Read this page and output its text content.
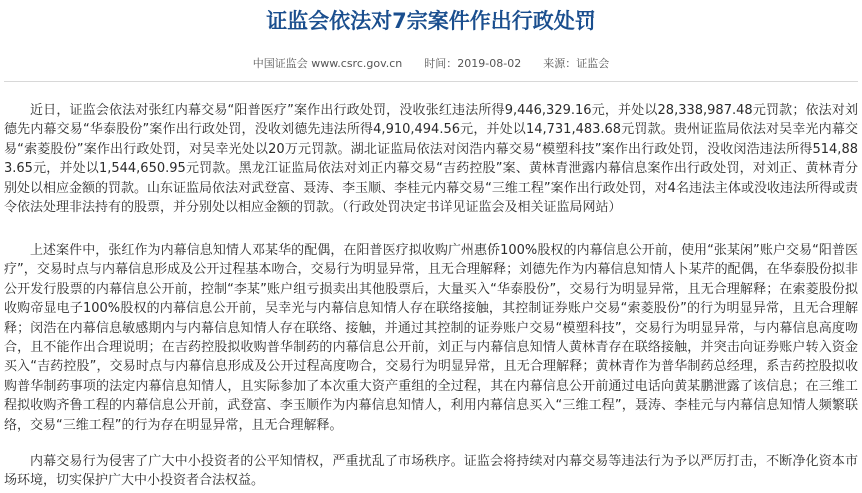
证监会依法对7宗案件作出行政处罚
中国证监会 www.csrc.gov.cn 时间：2019-08-02 来源：证监会

近日，证监会依法对张红内幕交易“阳普医疗”案作出行政处罚，没收张红违法所得9,446,329.16元，并处以28,338,987.48元罚款；依法对刘德先内幕交易“华泰股份”案作出行政处罚，没收刘德先违法所得4,910,494.56元，并处以14,731,483.68元罚款。贵州证监局依法对吴幸光内幕交易“索菱股份”案作出行政处罚，对吴幸光处以20万元罚款。湖北证监局依法对闵浩内幕交易“模塑科技”案作出行政处罚，没收闵浩违法所得514,883.65元，并处以1,544,650.95元罚款。黑龙江证监局依法对刘正内幕交易“吉药控股”案、黄林青泄露内幕信息案作出行政处罚，对刘正、黄林青分别处以相应金额的罚款。山东证监局依法对武登富、聂涛、李玉顺、李桂元内幕交易“三维工程”案作出行政处罚，对4名违法主体或没收违法所得或责令依法处理非法持有的股票，并分别处以相应金额的罚款。（行政处罚决定书详见证监会及相关证监局网站）

上述案件中，张红作为内幕信息知情人邓某华的配偶，在阳普医疗拟收购广州惠侨100%股权的内幕信息公开前，使用“张某闲”账户交易“阳普医疗”，交易时点与内幕信息形成及公开过程基本吻合，交易行为明显异常，且无合理解释；刘德先作为内幕信息知情人卜某芹的配偶，在华泰股份拟非公开发行股票的内幕信息公开前，控制“李某”账户组亏损卖出其他股票后，大量买入“华泰股份”，交易行为明显异常，且无合理解释；在索菱股份拟收购帝显电子100%股权的内幕信息公开前，吴幸光与内幕信息知情人存在联络接触，其控制证券账户交易“索菱股份”的行为明显异常，且无合理解释；闵浩在内幕信息敏感期内与内幕信息知情人存在联络、接触，并通过其控制的证券账户交易“模塑科技”，交易行为明显异常，与内幕信息高度吻合，且不能作出合理说明；在吉药控股拟收购普华制药的内幕信息公开前，刘正与内幕信息知情人黄林青存在联络接触，并突击向证券账户转入资金买入“吉药控股”，交易时点与内幕信息形成及公开过程高度吻合，交易行为明显异常，且无合理解释；黄林青作为普华制药总经理，系吉药控股拟收购普华制药事项的法定内幕信息知情人，且实际参加了本次重大资产重组的全过程，其在内幕信息公开前通过电话向黄某鹏泄露了该信息；在三维工程拟收购齐鲁工程的内幕信息公开前，武登富、李玉顺作为内幕信息知情人，利用内幕信息买入“三维工程”，聂涛、李桂元与内幕信息知情人频繁联络，交易“三维工程”的行为存在明显异常，且无合理解释。

内幕交易行为侵害了广大中小投资者的公平知情权，严重扰乱了市场秩序。证监会将持续对内幕交易等违法行为予以严厉打击，不断净化资本市场环境，切实保护广大中小投资者合法权益。
